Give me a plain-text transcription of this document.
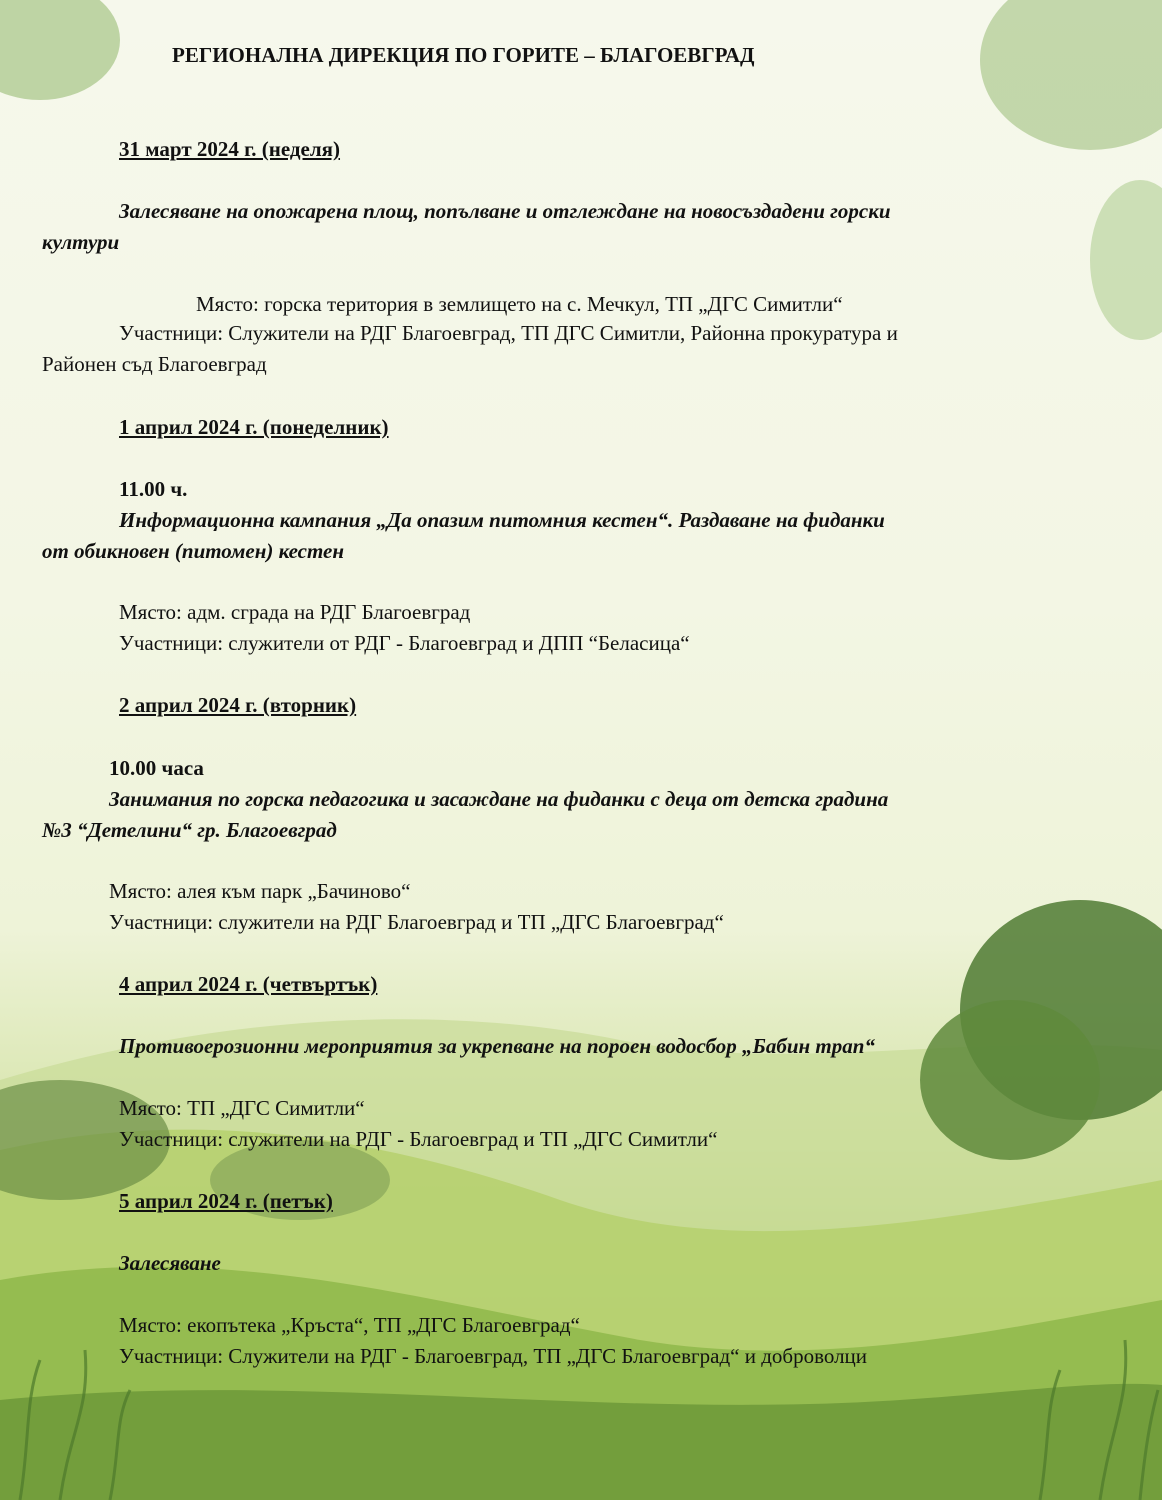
РЕГИОНАЛНА ДИРЕКЦИЯ ПО ГОРИТЕ – БЛАГОЕВГРАД
31 март 2024 г. (неделя)
Залесяване на опожарена площ, попълване и отглеждане на новосъздадени горски
култури
Място: горска територия в землището на с. Мечкул, ТП „ДГС Симитли“
Участници: Служители на РДГ Благоевград, ТП ДГС Симитли, Районна прокуратура и
Районен съд Благоевград
1 април 2024 г. (понеделник)
11.00 ч.
Информационна кампания „Да опазим питомния кестен“. Раздаване на фиданки
от обикновен (питомен) кестен
Място: адм. сграда на РДГ Благоевград
Участници: служители от РДГ - Благоевград и ДПП “Беласица“
2 април 2024 г. (вторник)
10.00 часа
Занимания по горска педагогика и засаждане на фиданки с деца от детска градина
№3 “Детелини“ гр. Благоевград
Място: алея към парк „Бачиново“
Участници: служители на РДГ Благоевград и ТП „ДГС Благоевград“
4 април 2024 г. (четвъртък)
Противоерозионни мероприятия за укрепване на пороен водосбор „Бабин трап“
Място: ТП „ДГС Симитли“
Участници: служители на РДГ - Благоевград и ТП „ДГС Симитли“
5 април 2024 г. (петък)
Залесяване
Място: екопътека „Кръста“, ТП „ДГС Благоевград“
Участници: Служители на РДГ - Благоевград, ТП „ДГС Благоевград“ и доброволци
